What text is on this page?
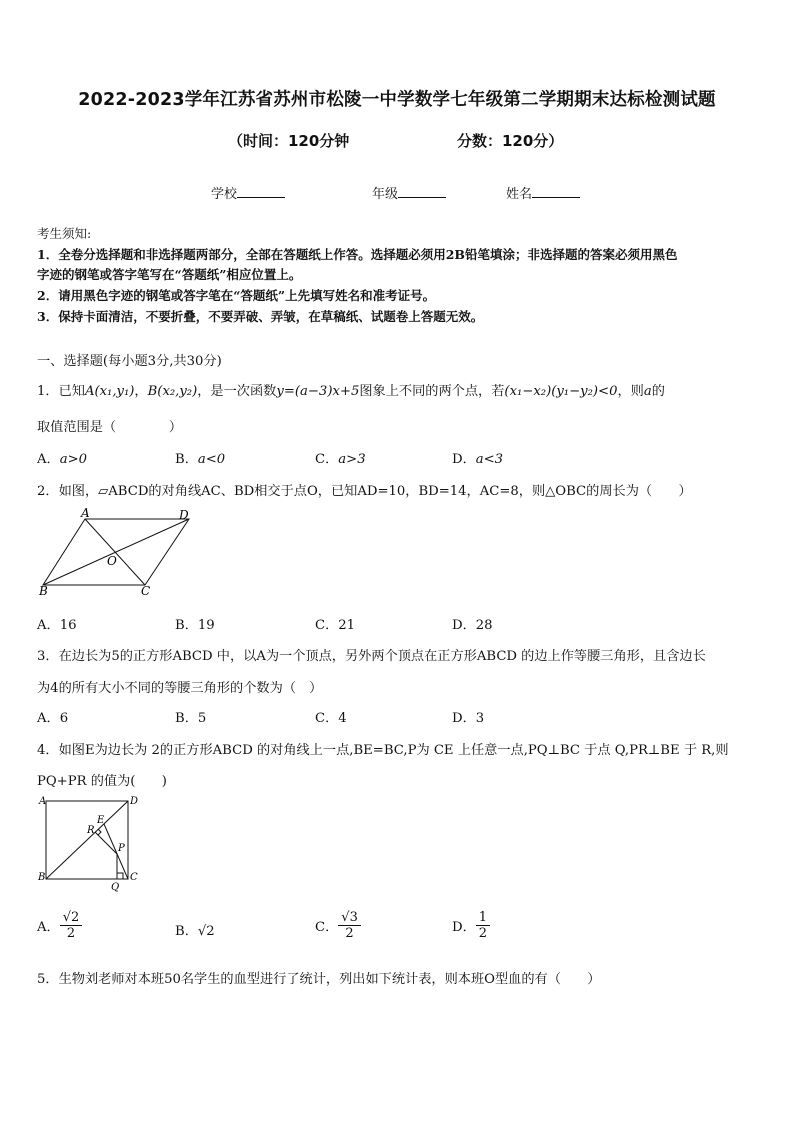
2022-2023学年江苏省苏州市松陵一中学数学七年级第二学期期末达标检测试题
（时间：120分钟	分数：120分）
学校	年级	姓名
考生须知:
1．全卷分选择题和非选择题两部分，全部在答题纸上作答。选择题必须用2B铅笔填涂；非选择题的答案必须用黑色
字迹的钢笔或答字笔写在“答题纸”相应位置上。
2．请用黑色字迹的钢笔或答字笔在“答题纸”上先填写姓名和准考证号。
3．保持卡面清洁，不要折叠，不要弄破、弄皱，在草稿纸、试题卷上答题无效。
一、选择题(每小题3分,共30分)
1．已知A(x₁,y₁)，B(x₂,y₂)，是一次函数y=(a−3)x+5图象上不同的两个点，若(x₁−x₂)(y₁−y₂)<0，则a的
取值范围是（　　　　）
A．a>0	B．a<0	C．a>3	D．a<3
2．如图，▱ABCD的对角线AC、BD相交于点O，已知AD=10，BD=14，AC=8，则△OBC的周长为（　　）
A	D
O
B	C
A．16	B．19	C．21	D．28
3．在边长为5的正方形ABCD 中，以A为一个顶点，另外两个顶点在正方形ABCD 的边上作等腰三角形，且含边长
为4的所有大小不同的等腰三角形的个数为（　）
A．6	B．5	C．4	D．3
4．如图E为边长为 2的正方形ABCD 的对角线上一点,BE=BC,P为 CE 上任意一点,PQ⊥BC 于点 Q,PR⊥BE 于 R,则
PQ+PR 的值为(　　)
A	D
E
R
P
B
Q
C
A． $\frac{√2}{2}$	B．√2	C． $\frac{√3}{2}$	D． $\frac{1}{2}$
5．生物刘老师对本班50名学生的血型进行了统计，列出如下统计表，则本班O型血的有（　　）
